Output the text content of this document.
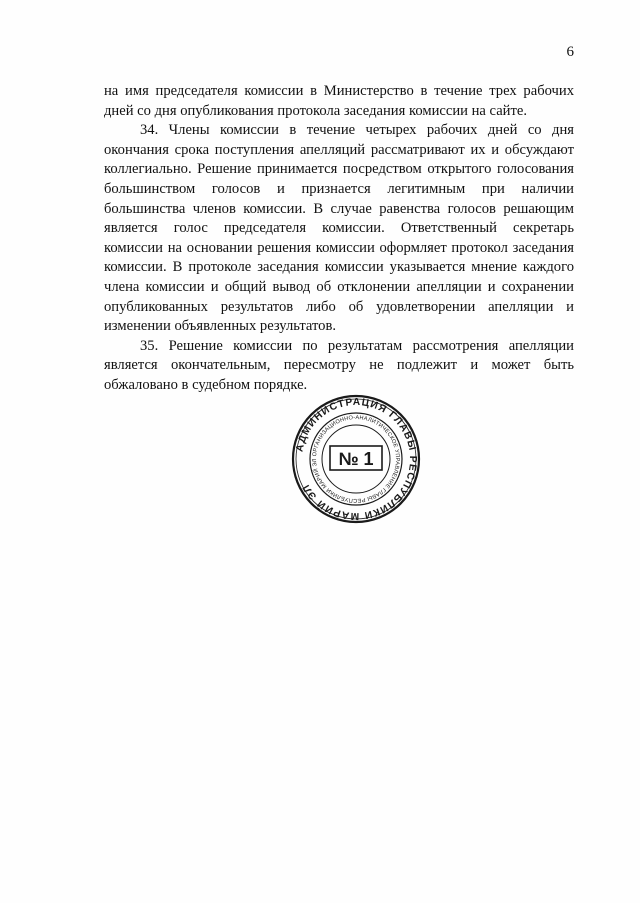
6

на имя председателя комиссии в Министерство в течение трех рабочих дней со дня опубликования протокола заседания комиссии на сайте.

34. Члены комиссии в течение четырех рабочих дней со дня окончания срока поступления апелляций рассматривают их и обсуждают коллегиально. Решение принимается посредством открытого голосования большинством голосов и признается легитимным при наличии большинства членов комиссии. В случае равенства голосов решающим является голос председателя комиссии. Ответственный секретарь комиссии на основании решения комиссии оформляет протокол заседания комиссии. В протоколе заседания комиссии указывается мнение каждого члена комиссии и общий вывод об отклонении апелляции и сохранении опубликованных результатов либо об удовлетворении апелляции и изменении объявленных результатов.

35. Решение комиссии по результатам рассмотрения апелляции является окончательным, пересмотру не подлежит и может быть обжаловано в судебном порядке.

АДМИНИСТРАЦИЯ ГЛАВЫ РЕСПУБЛИКИ МАРИЙ ЭЛ
ОРГАНИЗАЦИОННО-АНАЛИТИЧЕСКОЕ УПРАВЛЕНИЕ ГЛАВЫ РЕСПУБЛИКИ МАРИЙ ЭЛ	№ 1
